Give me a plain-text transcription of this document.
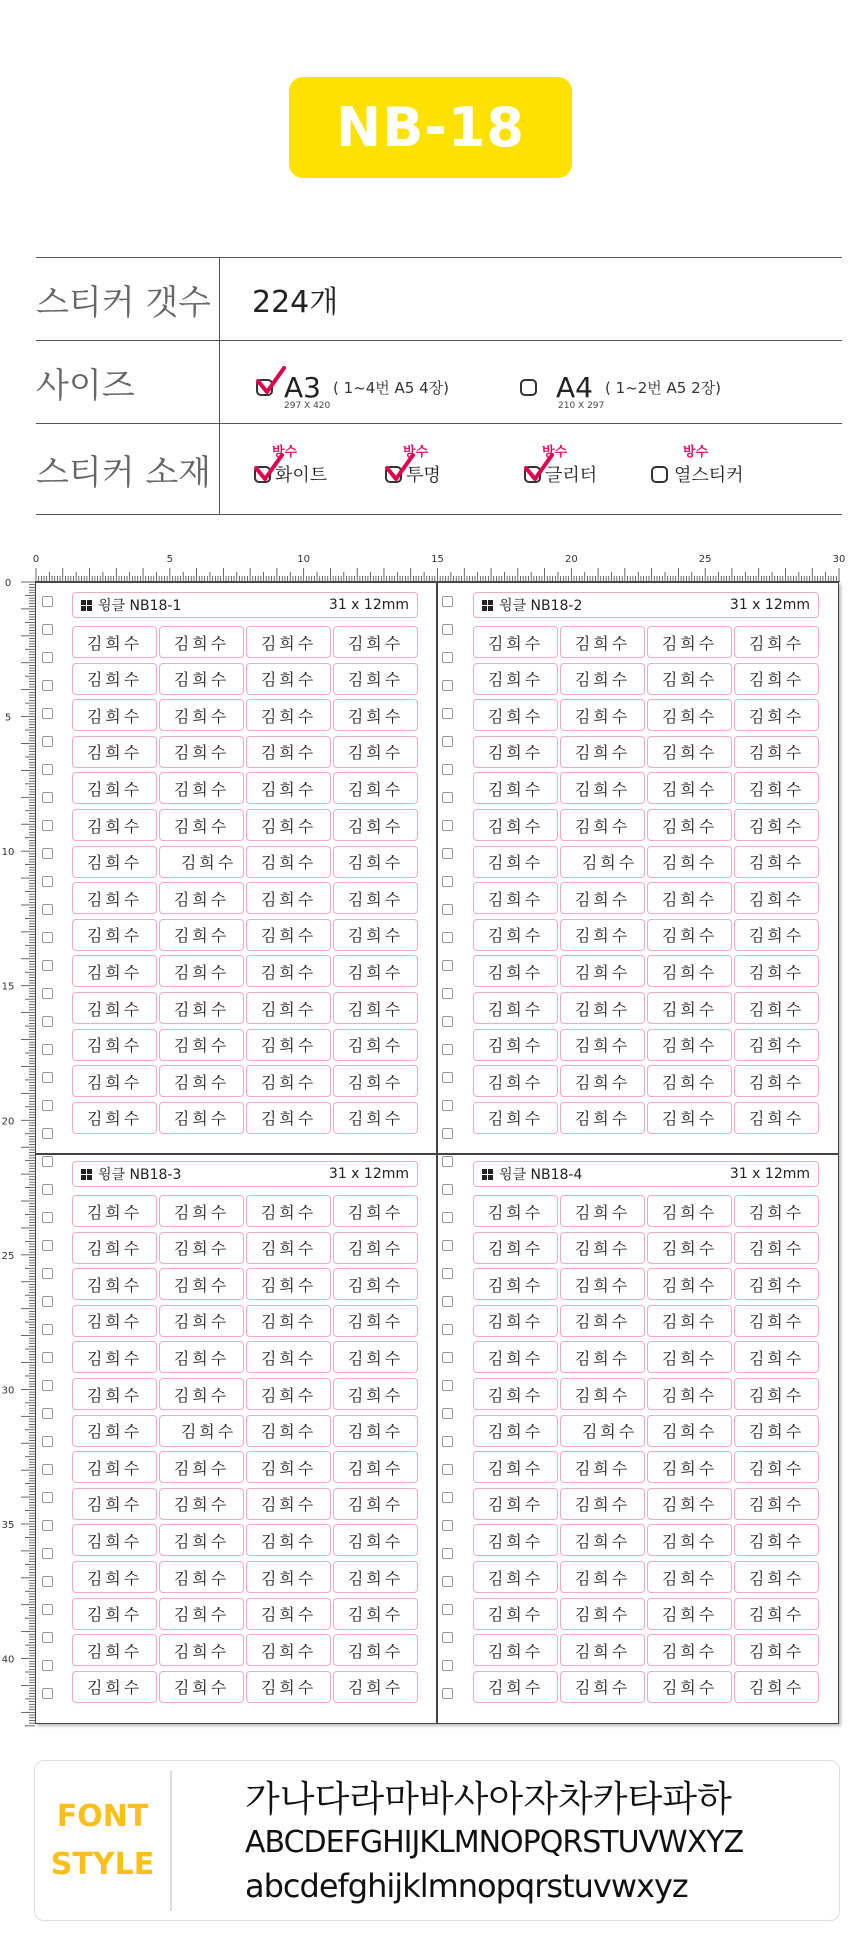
NB-18
스티커 갯수 224개
사이즈	A3 ( 1~4번 A5 4장)
297 X 420
A4 ( 1~2번 A5 2장)
210 X 297
스티커 소재	방수
화이트
방수
투명
방수
글리터
방수
열스티커
0	5	10	15	20	25	30
0
5
10
15
20
25
30
35
40
윙클 NB18-1	31 x 12mm
김희수	김희수	김희수	김희수
김희수	김희수	김희수	김희수
김희수	김희수	김희수	김희수
김희수	김희수	김희수	김희수
김희수	김희수	김희수	김희수
김희수	김희수	김희수	김희수
김희수	김희수	김희수	김희수
김희수	김희수	김희수	김희수
김희수	김희수	김희수	김희수
김희수	김희수	김희수	김희수
김희수	김희수	김희수	김희수
김희수	김희수	김희수	김희수
김희수	김희수	김희수	김희수
김희수	김희수	김희수	김희수
윙클 NB18-2	31 x 12mm
김희수	김희수	김희수	김희수
김희수	김희수	김희수	김희수
김희수	김희수	김희수	김희수
김희수	김희수	김희수	김희수
김희수	김희수	김희수	김희수
김희수	김희수	김희수	김희수
김희수	김희수	김희수	김희수
김희수	김희수	김희수	김희수
김희수	김희수	김희수	김희수
김희수	김희수	김희수	김희수
김희수	김희수	김희수	김희수
김희수	김희수	김희수	김희수
김희수	김희수	김희수	김희수
김희수	김희수	김희수	김희수
윙클 NB18-3	31 x 12mm
김희수	김희수	김희수	김희수
김희수	김희수	김희수	김희수
김희수	김희수	김희수	김희수
김희수	김희수	김희수	김희수
김희수	김희수	김희수	김희수
김희수	김희수	김희수	김희수
김희수	김희수	김희수	김희수
김희수	김희수	김희수	김희수
김희수	김희수	김희수	김희수
김희수	김희수	김희수	김희수
김희수	김희수	김희수	김희수
김희수	김희수	김희수	김희수
김희수	김희수	김희수	김희수
김희수	김희수	김희수	김희수
윙클 NB18-4	31 x 12mm
김희수	김희수	김희수	김희수
김희수	김희수	김희수	김희수
김희수	김희수	김희수	김희수
김희수	김희수	김희수	김희수
김희수	김희수	김희수	김희수
김희수	김희수	김희수	김희수
김희수	김희수	김희수	김희수
김희수	김희수	김희수	김희수
김희수	김희수	김희수	김희수
김희수	김희수	김희수	김희수
김희수	김희수	김희수	김희수
김희수	김희수	김희수	김희수
김희수	김희수	김희수	김희수
김희수	김희수	김희수	김희수
FONT
STYLE
가나다라마바사아자차카타파하
ABCDEFGHIJKLMNOPQRSTUVWXYZ
abcdefghijklmnopqrstuvwxyz
